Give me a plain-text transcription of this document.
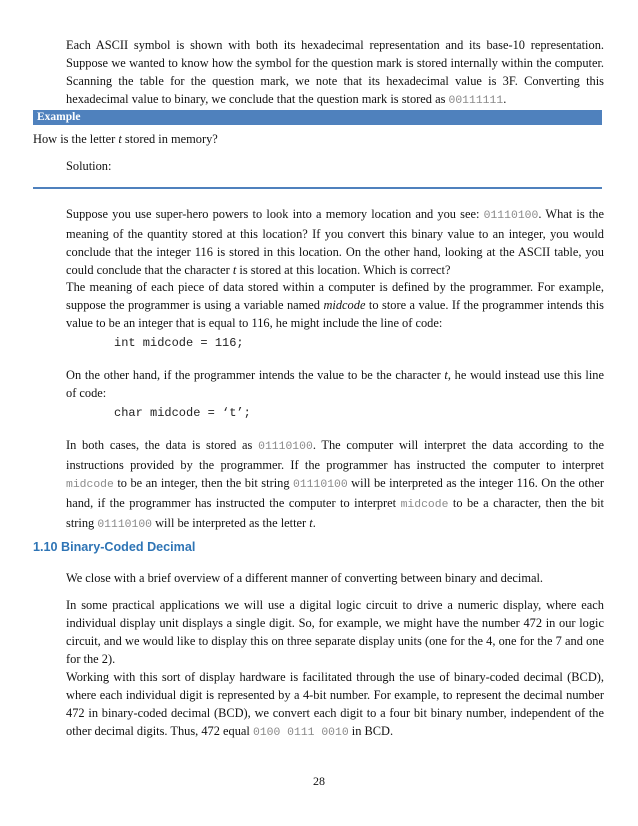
Each ASCII symbol is shown with both its hexadecimal representation and its base-10 representation. Suppose we wanted to know how the symbol for the question mark is stored internally within the computer. Scanning the table for the question mark, we note that its hexadecimal value is 3F. Converting this hexadecimal value to binary, we conclude that the question mark is stored as 00111111.

Example

How is the letter t stored in memory?

Solution:

Suppose you use super-hero powers to look into a memory location and you see: 01110100. What is the meaning of the quantity stored at this location? If you convert this binary value to an integer, you would conclude that the integer 116 is stored in this location. On the other hand, looking at the ASCII table, you could conclude that the character t is stored at this location. Which is correct?

The meaning of each piece of data stored within a computer is defined by the programmer. For example, suppose the programmer is using a variable named midcode to store a value. If the programmer intends this value to be an integer that is equal to 116, he might include the line of code:

int midcode = 116;

On the other hand, if the programmer intends the value to be the character t, he would instead use this line of code:

char midcode = ‘t’;

In both cases, the data is stored as 01110100. The computer will interpret the data according to the instructions provided by the programmer. If the programmer has instructed the computer to interpret midcode to be an integer, then the bit string 01110100 will be interpreted as the integer 116. On the other hand, if the programmer has instructed the computer to interpret midcode to be a character, then the bit string 01110100 will be interpreted as the letter t.

1.10 Binary-Coded Decimal

We close with a brief overview of a different manner of converting between binary and decimal.

In some practical applications we will use a digital logic circuit to drive a numeric display, where each individual display unit displays a single digit. So, for example, we might have the number 472 in our logic circuit, and we would like to display this on three separate display units (one for the 4, one for the 7 and one for the 2).

Working with this sort of display hardware is facilitated through the use of binary-coded decimal (BCD), where each individual digit is represented by a 4-bit number. For example, to represent the decimal number 472 in binary-coded decimal (BCD), we convert each digit to a four bit binary number, independent of the other decimal digits. Thus, 472 equal 0100 0111 0010 in BCD.

28
